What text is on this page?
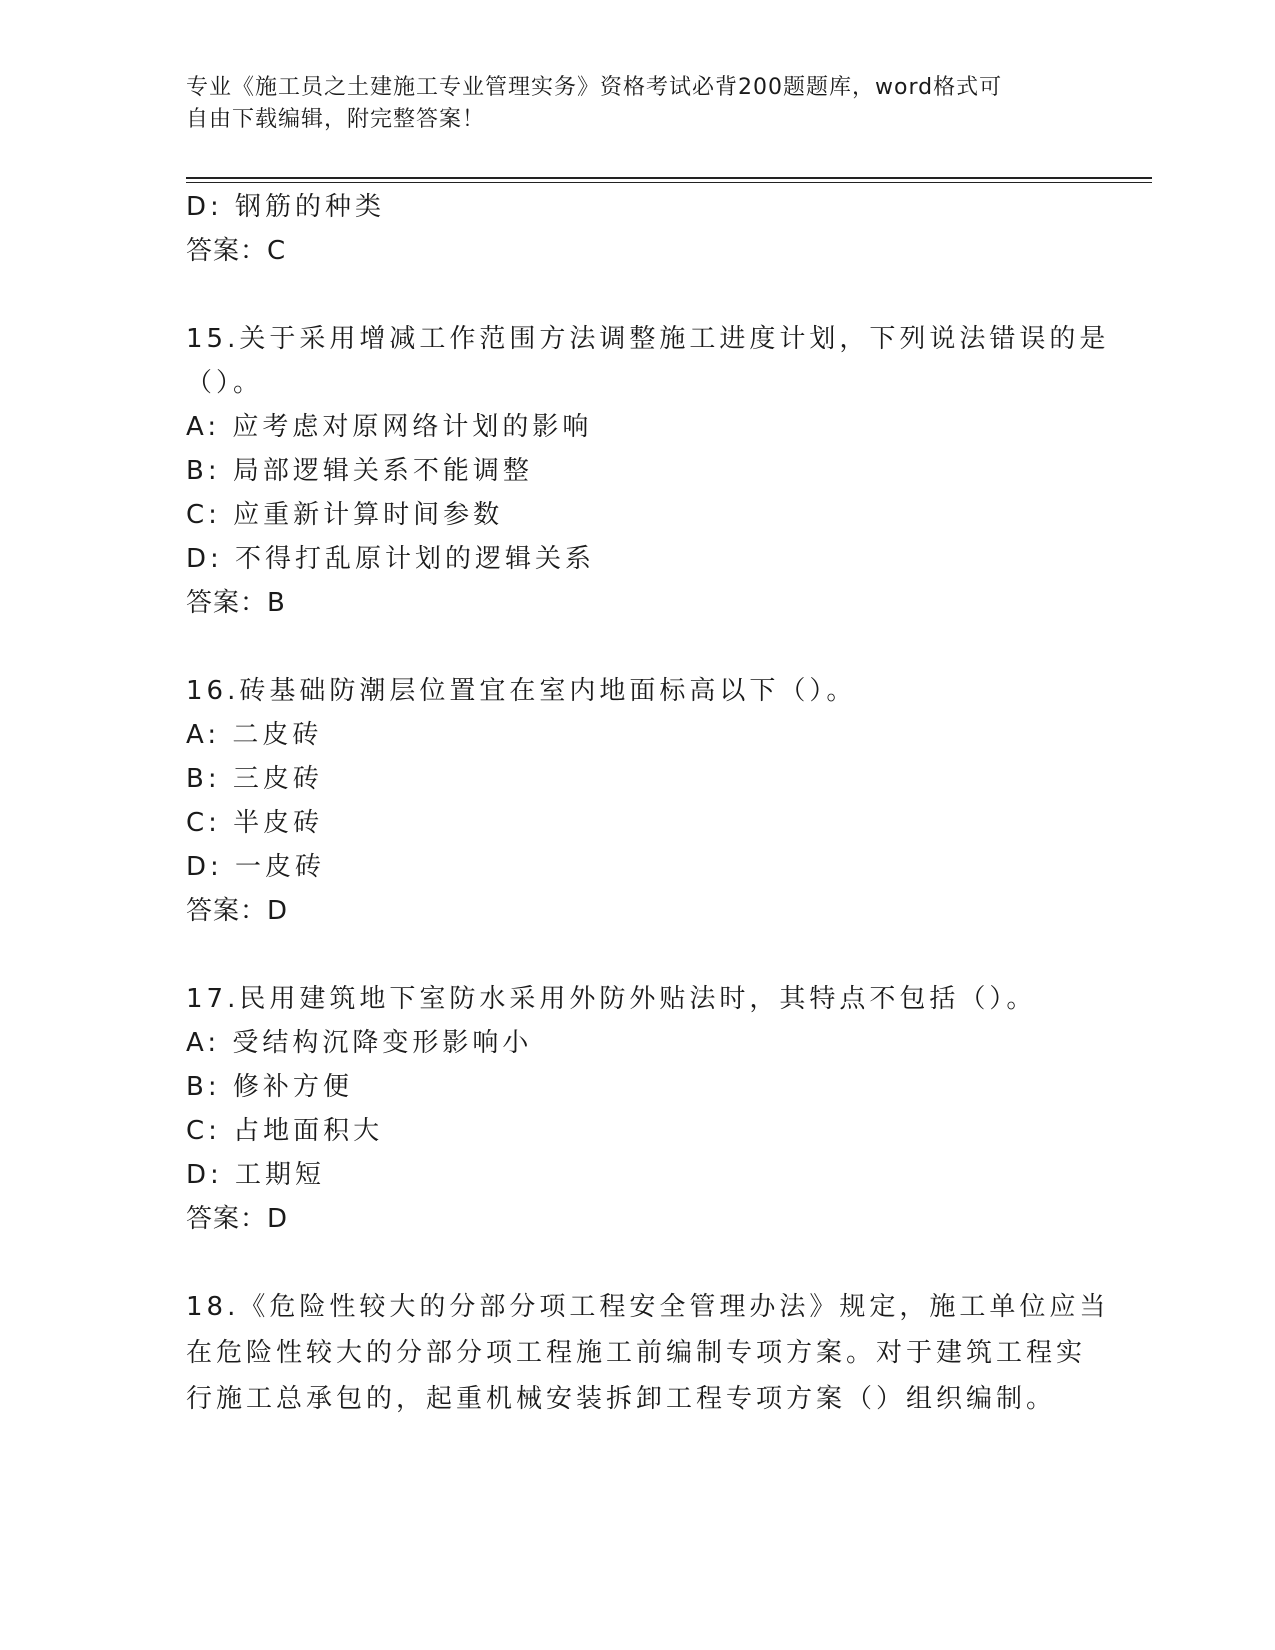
专业《施工员之土建施工专业管理实务》资格考试必背200题题库，word格式可
自由下载编辑，附完整答案！
D: 钢筋的种类
答案：C
15.关于采用增减工作范围方法调整施工进度计划，下列说法错误的是
（）。
A: 应考虑对原网络计划的影响
B: 局部逻辑关系不能调整
C: 应重新计算时间参数
D: 不得打乱原计划的逻辑关系
答案：B
16.砖基础防潮层位置宜在室内地面标高以下（）。
A: 二皮砖
B: 三皮砖
C: 半皮砖
D: 一皮砖
答案：D
17.民用建筑地下室防水采用外防外贴法时，其特点不包括（）。
A: 受结构沉降变形影响小
B: 修补方便
C: 占地面积大
D: 工期短
答案：D
18.《危险性较大的分部分项工程安全管理办法》规定，施工单位应当
在危险性较大的分部分项工程施工前编制专项方案。对于建筑工程实
行施工总承包的，起重机械安装拆卸工程专项方案（）组织编制。
